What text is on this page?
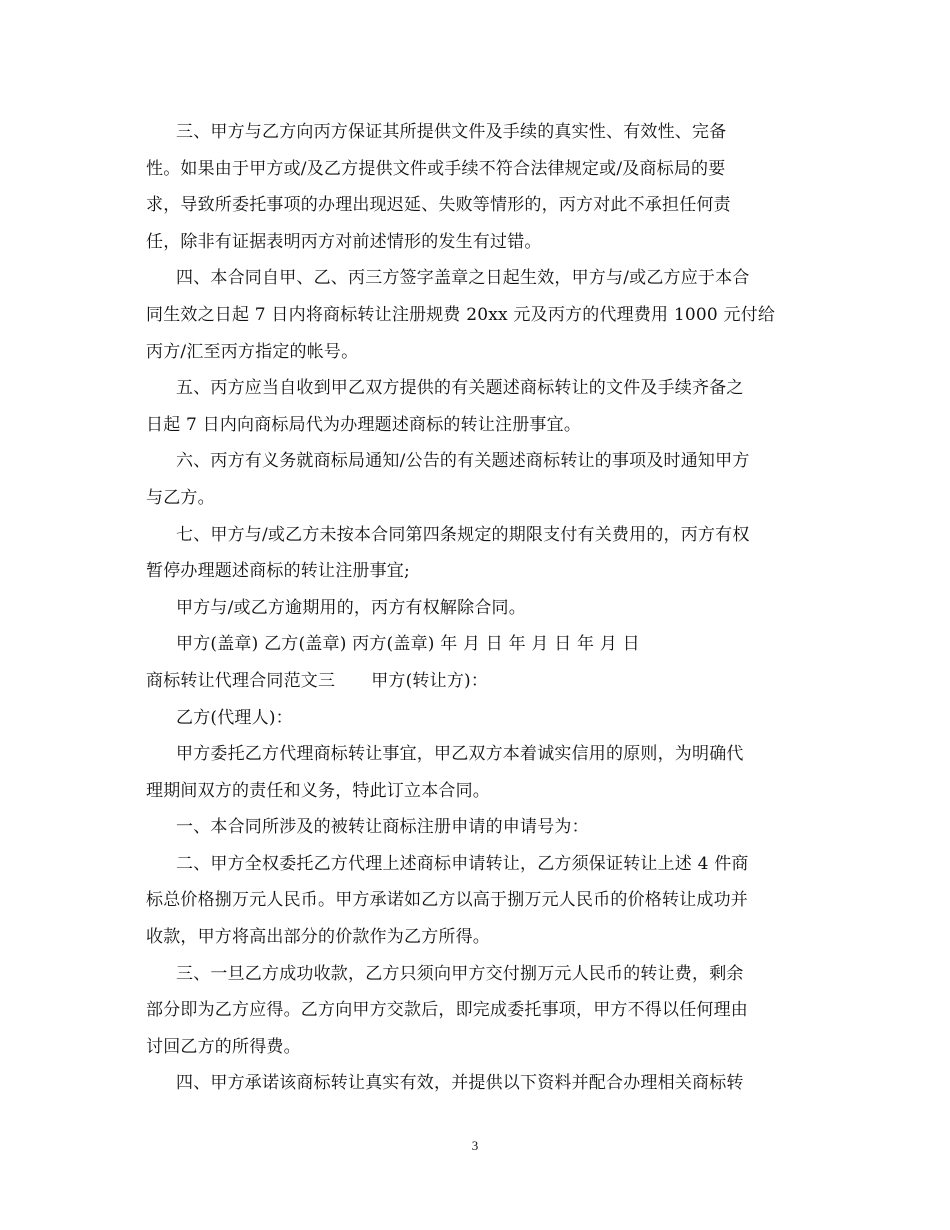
三、甲方与乙方向丙方保证其所提供文件及手续的真实性、有效性、完备
性。如果由于甲方或/及乙方提供文件或手续不符合法律规定或/及商标局的要
求，导致所委托事项的办理出现迟延、失败等情形的，丙方对此不承担任何责
任，除非有证据表明丙方对前述情形的发生有过错。
四、本合同自甲、乙、丙三方签字盖章之日起生效，甲方与/或乙方应于本合
同生效之日起 7 日内将商标转让注册规费 20xx 元及丙方的代理费用 1000 元付给
丙方/汇至丙方指定的帐号。
五、丙方应当自收到甲乙双方提供的有关题述商标转让的文件及手续齐备之
日起 7 日内向商标局代为办理题述商标的转让注册事宜。
六、丙方有义务就商标局通知/公告的有关题述商标转让的事项及时通知甲方
与乙方。
七、甲方与/或乙方未按本合同第四条规定的期限支付有关费用的，丙方有权
暂停办理题述商标的转让注册事宜;
甲方与/或乙方逾期用的，丙方有权解除合同。
甲方(盖章) 乙方(盖章) 丙方(盖章) 年 月 日 年 月 日 年 月 日
商标转让代理合同范文三 甲方(转让方)：
乙方(代理人)：
甲方委托乙方代理商标转让事宜，甲乙双方本着诚实信用的原则，为明确代
理期间双方的责任和义务，特此订立本合同。
一、本合同所涉及的被转让商标注册申请的申请号为：
二、甲方全权委托乙方代理上述商标申请转让，乙方须保证转让上述 4 件商
标总价格捌万元人民币。甲方承诺如乙方以高于捌万元人民币的价格转让成功并
收款，甲方将高出部分的价款作为乙方所得。
三、一旦乙方成功收款，乙方只须向甲方交付捌万元人民币的转让费，剩余
部分即为乙方应得。乙方向甲方交款后，即完成委托事项，甲方不得以任何理由
讨回乙方的所得费。
四、甲方承诺该商标转让真实有效，并提供以下资料并配合办理相关商标转
3
